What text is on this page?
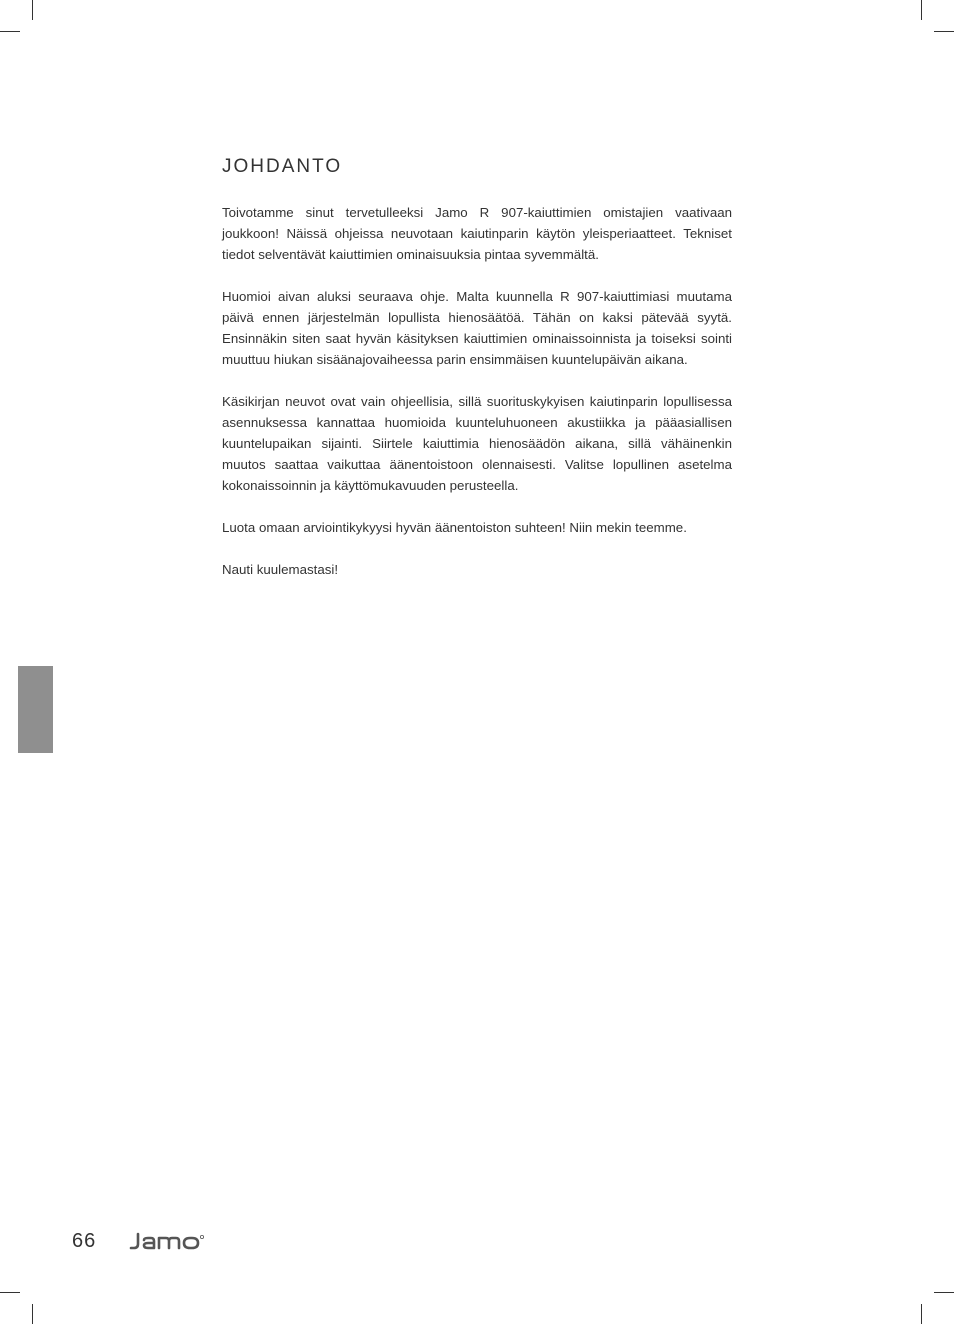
JOHDANTO

Toivotamme sinut tervetulleeksi Jamo R 907-kaiuttimien omistajien vaativaan joukkoon! Näissä ohjeissa neuvotaan kaiutinparin käytön yleisperiaatteet. Tekniset tiedot selventävät kaiuttimien ominaisuuksia pintaa syvemmältä.

Huomioi aivan aluksi seuraava ohje. Malta kuunnella R 907-kaiuttimiasi muutama päivä ennen järjestelmän lopullista hienosäätöä. Tähän on kaksi pätevää syytä. Ensinnäkin siten saat hyvän käsityksen kaiuttimien ominaissoinnista ja toiseksi sointi muuttuu hiukan sisäänajovaiheessa parin ensimmäisen kuuntelupäivän aikana.

Käsikirjan neuvot ovat vain ohjeellisia, sillä suorituskykyisen kaiutinparin lopullisessa asennuksessa kannattaa huomioida kuunteluhuoneen akustiikka ja pääasiallisen kuuntelupaikan sijainti. Siirtele kaiuttimia hienosäädön aikana, sillä vähäinenkin muutos saattaa vaikuttaa äänentoistoon olennaisesti. Valitse lopullinen asetelma kokonaissoinnin ja käyttömukavuuden perusteella.

Luota omaan arviointikykyysi hyvän äänentoiston suhteen! Niin mekin teemme.

Nauti kuulemastasi!

66
